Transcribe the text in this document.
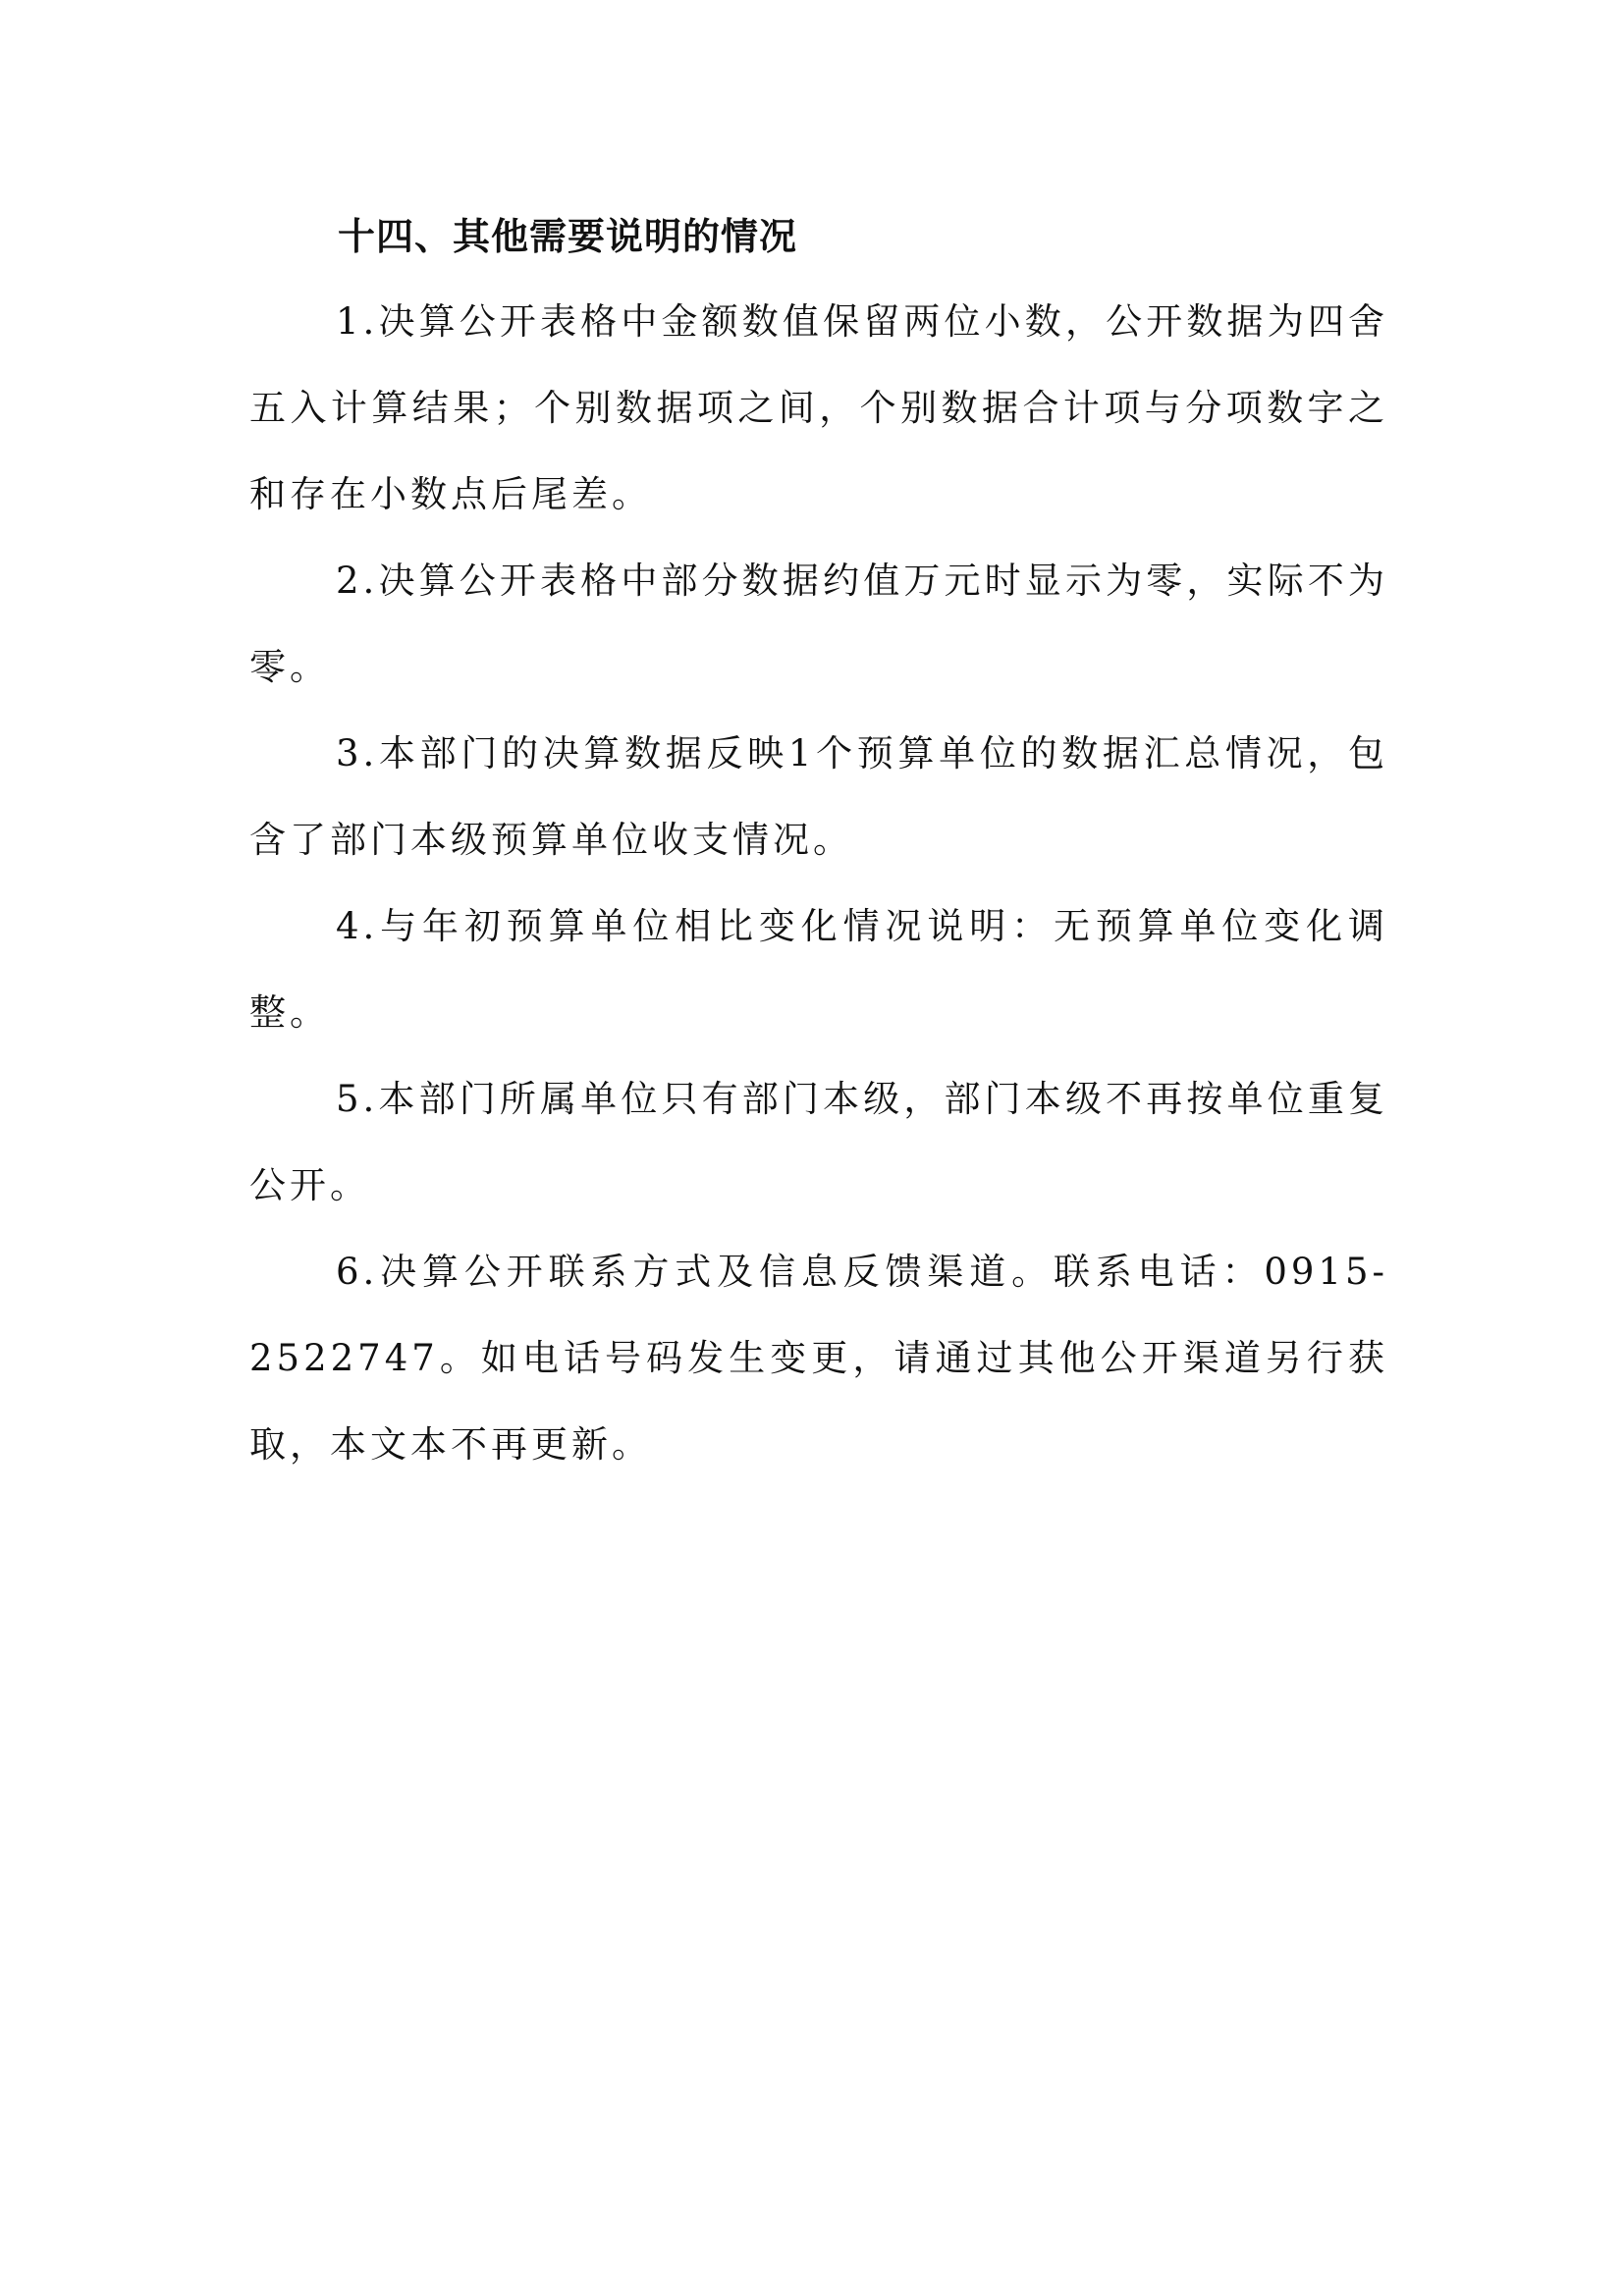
十四、其他需要说明的情况

1.决算公开表格中金额数值保留两位小数，公开数据为四舍五入计算结果；个别数据项之间，个别数据合计项与分项数字之和存在小数点后尾差。

2.决算公开表格中部分数据约值万元时显示为零，实际不为零。

3.本部门的决算数据反映1个预算单位的数据汇总情况，包含了部门本级预算单位收支情况。

4.与年初预算单位相比变化情况说明：无预算单位变化调整。

5.本部门所属单位只有部门本级，部门本级不再按单位重复公开。

6.决算公开联系方式及信息反馈渠道。联系电话：0915-2522747。如电话号码发生变更，请通过其他公开渠道另行获取，本文本不再更新。
